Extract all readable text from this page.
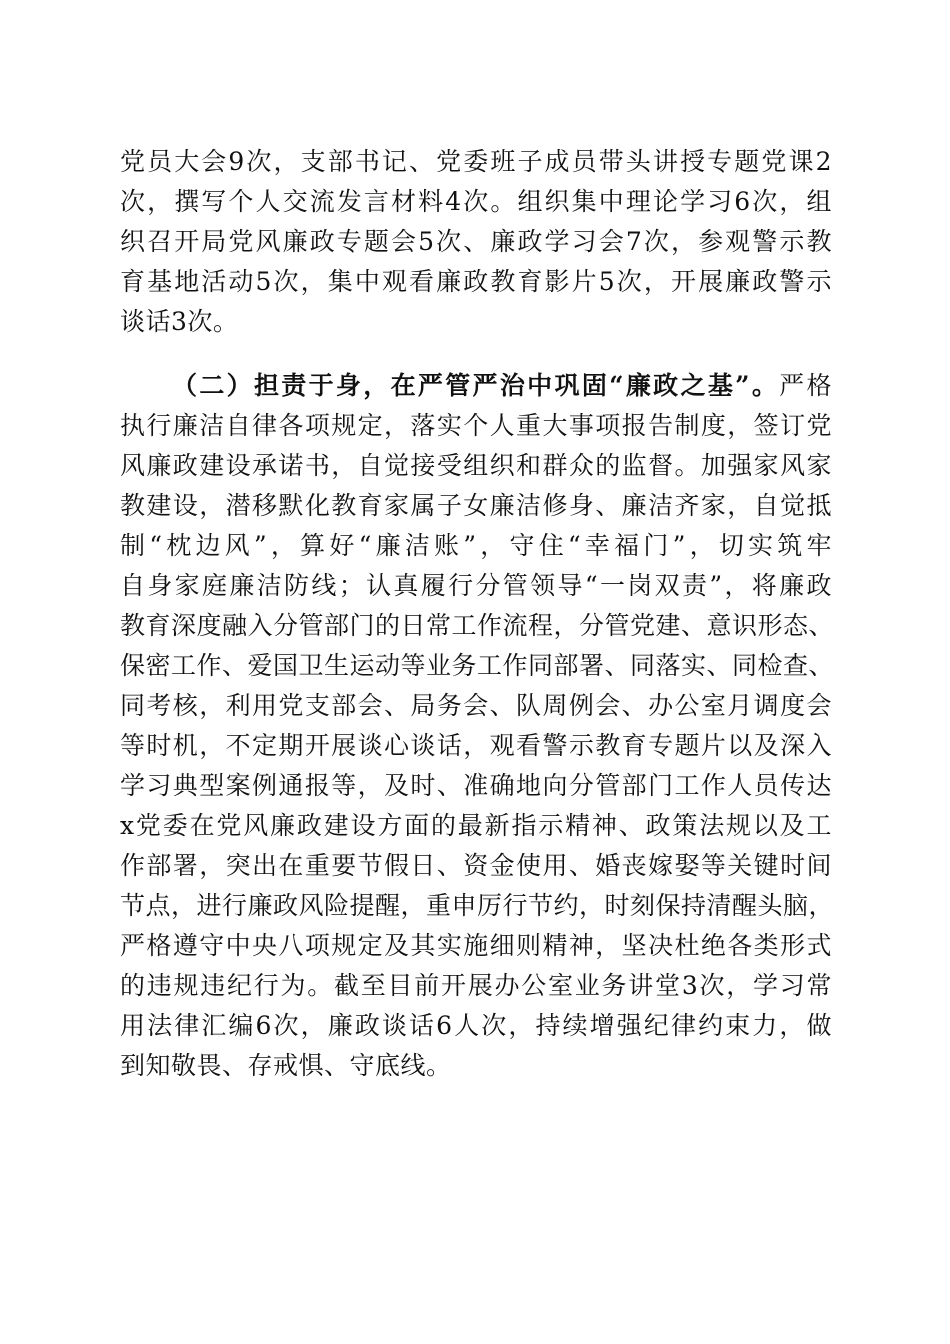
党员大会9次，支部书记、党委班子成员带头讲授专题党课2
次，撰写个人交流发言材料4次。组织集中理论学习6次，组
织召开局党风廉政专题会5次、廉政学习会7次，参观警示教
育基地活动5次，集中观看廉政教育影片5次，开展廉政警示
谈话3次。
（二）担责于身，在严管严治中巩固“廉政之基”。严格
执行廉洁自律各项规定，落实个人重大事项报告制度，签订党
风廉政建设承诺书，自觉接受组织和群众的监督。加强家风家
教建设，潜移默化教育家属子女廉洁修身、廉洁齐家，自觉抵
制“枕边风”，算好“廉洁账”，守住“幸福门”，切实筑牢
自身家庭廉洁防线；认真履行分管领导“一岗双责”，将廉政
教育深度融入分管部门的日常工作流程，分管党建、意识形态、
保密工作、爱国卫生运动等业务工作同部署、同落实、同检查、
同考核，利用党支部会、局务会、队周例会、办公室月调度会
等时机，不定期开展谈心谈话，观看警示教育专题片以及深入
学习典型案例通报等，及时、准确地向分管部门工作人员传达
x党委在党风廉政建设方面的最新指示精神、政策法规以及工
作部署，突出在重要节假日、资金使用、婚丧嫁娶等关键时间
节点，进行廉政风险提醒，重申厉行节约，时刻保持清醒头脑，
严格遵守中央八项规定及其实施细则精神，坚决杜绝各类形式
的违规违纪行为。截至目前开展办公室业务讲堂3次，学习常
用法律汇编6次，廉政谈话6人次，持续增强纪律约束力，做
到知敬畏、存戒惧、守底线。
